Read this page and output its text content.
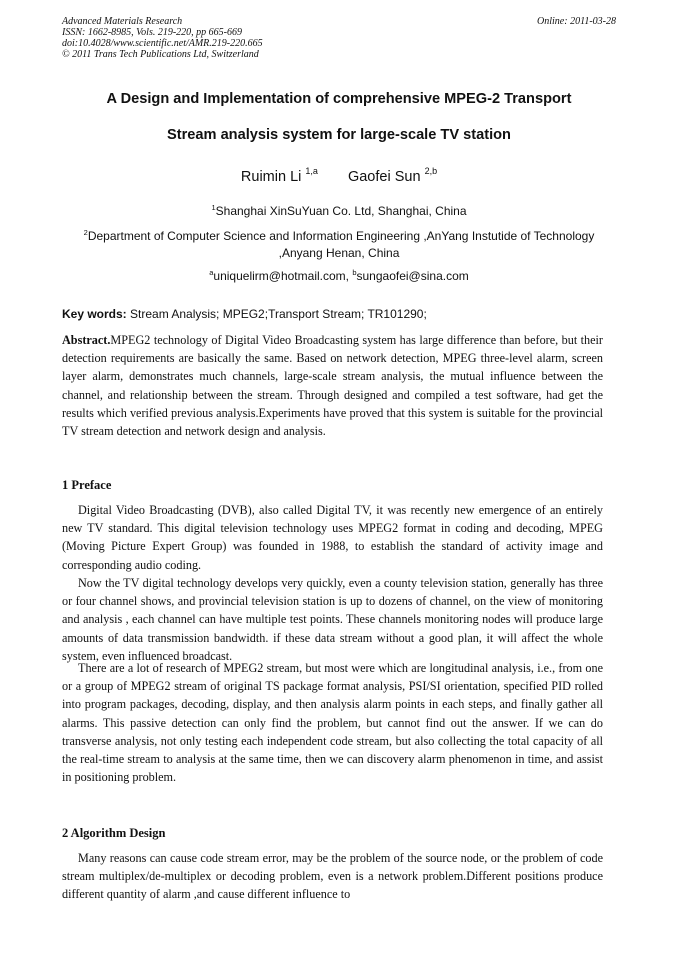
Advanced Materials Research
ISSN: 1662-8985, Vols. 219-220, pp 665-669
doi:10.4028/www.scientific.net/AMR.219-220.665
© 2011 Trans Tech Publications Ltd, Switzerland
Online: 2011-03-28
A Design and Implementation of comprehensive MPEG-2 Transport
Stream analysis system for large-scale TV station
Ruimin Li $^{1,a}$ Gaofei Sun $^{2,b}$
$^1$Shanghai XinSuYuan Co. Ltd, Shanghai, China
$^2$Department of Computer Science and Information Engineering ,AnYang Instutide of Technology
,Anyang Henan, China
$^a$uniquelirm@hotmail.com, $^b$sungaofei@sina.com
Key words: Stream Analysis; MPEG2;Transport Stream; TR101290;

Abstract.MPEG2 technology of Digital Video Broadcasting system has large difference than before, but their detection requirements are basically the same. Based on network detection, MPEG three-level alarm, screen layer alarm, demonstrates much channels, large-scale stream analysis, the mutual influence between the channel, and relationship between the stream. Through designed and compiled a test software, had get the results which verified previous analysis.Experiments have proved that this system is suitable for the provincial TV stream detection and network design and analysis.

1 Preface

Digital Video Broadcasting (DVB), also called Digital TV, it was recently new emergence of an entirely new TV standard. This digital television technology uses MPEG2 format in coding and decoding, MPEG (Moving Picture Expert Group) was founded in 1988, to establish the standard of activity image and corresponding audio coding.

Now the TV digital technology develops very quickly, even a county television station, generally has three or four channel shows, and provincial television station is up to dozens of channel, on the view of monitoring and analysis , each channel can have multiple test points. These channels monitoring nodes will produce large amounts of data transmission bandwidth. if these data stream without a good plan, it will affect the whole system, even influenced broadcast.

There are a lot of research of MPEG2 stream, but most were which are longitudinal analysis, i.e., from one or a group of MPEG2 stream of original TS package format analysis, PSI/SI orientation, specified PID rolled into program packages, decoding, display, and then analysis alarm points in each steps, and finally gather all alarms. This passive detection can only find the problem, but cannot find out the answer. If we can do transverse analysis, not only testing each independent code stream, but also collecting the total capacity of all the real-time stream to analysis at the same time, then we can discovery alarm phenomenon in time, and assist in positioning problem.

2 Algorithm Design

Many reasons can cause code stream error, may be the problem of the source node, or the problem of code stream multiplex/de-multiplex or decoding problem, even is a network problem.Different positions produce different quantity of alarm ,and cause different influence to
